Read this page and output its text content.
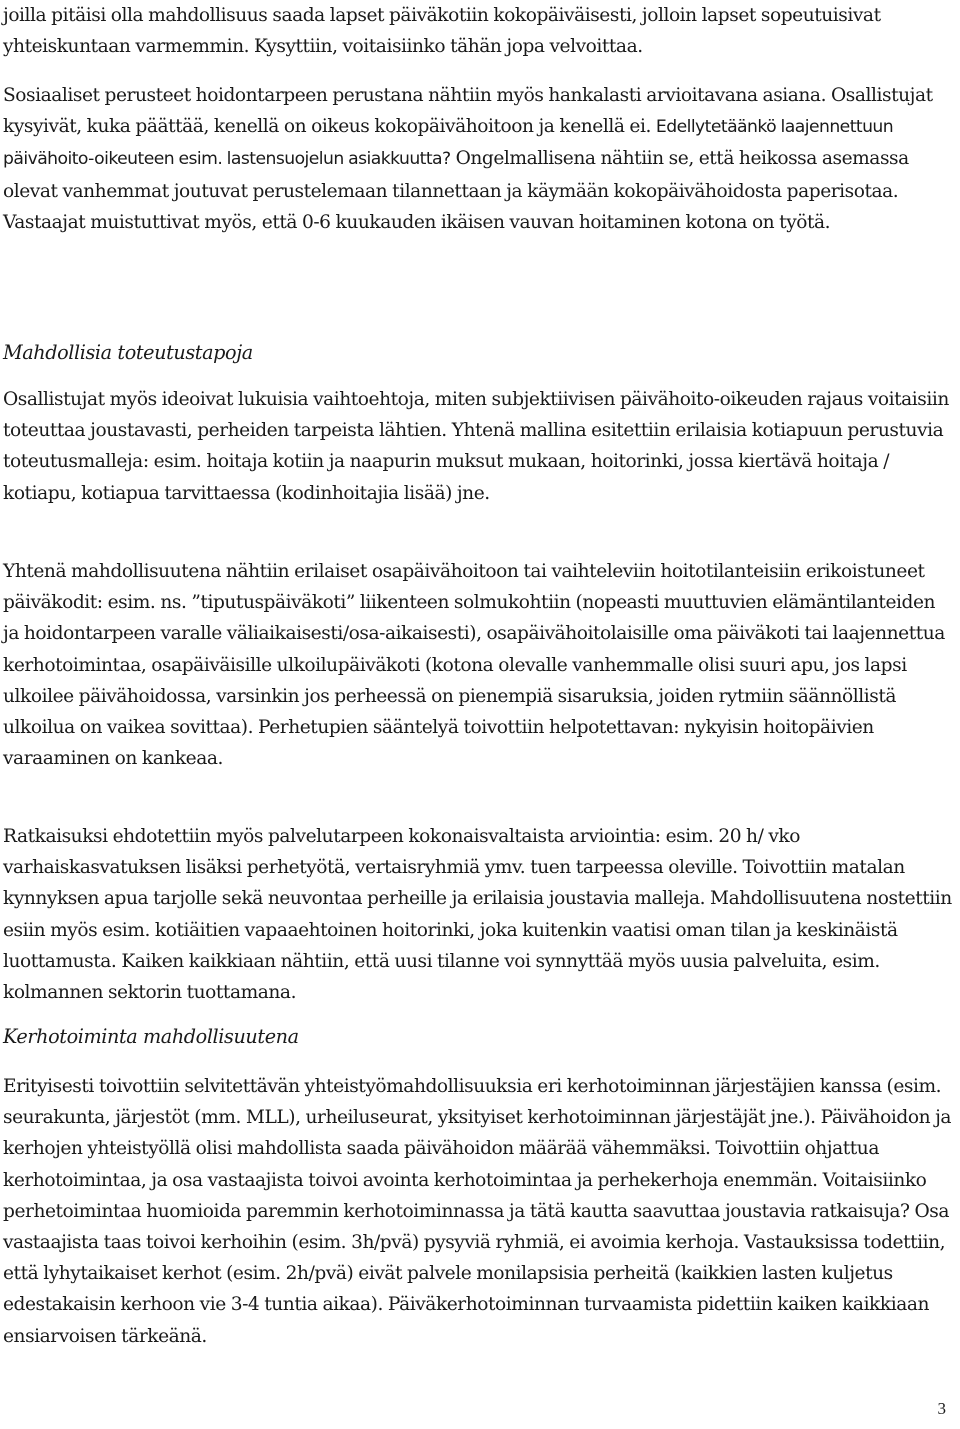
joilla pitäisi olla mahdollisuus saada lapset päiväkotiin kokopäiväisesti, jolloin lapset sopeutuisivat yhteiskuntaan varmemmin. Kysyttiin, voitaisiinko tähän jopa velvoittaa.

Sosiaaliset perusteet hoidontarpeen perustana nähtiin myös hankalasti arvioitavana asiana. Osallistujat kysyivät, kuka päättää, kenellä on oikeus kokopäivähoitoon ja kenellä ei. Edellytetäänkö laajennettuun päivähoito-oikeuteen esim. lastensuojelun asiakkuutta? Ongelmallisena nähtiin se, että heikossa asemassa olevat vanhemmat joutuvat perustelemaan tilannettaan ja käymään kokopäivähoidosta paperisotaa. Vastaajat muistuttivat myös, että 0-6 kuukauden ikäisen vauvan hoitaminen kotona on työtä.

Mahdollisia toteutustapoja

Osallistujat myös ideoivat lukuisia vaihtoehtoja, miten subjektiivisen päivähoito-oikeuden rajaus voitaisiin toteuttaa joustavasti, perheiden tarpeista lähtien. Yhtenä mallina esitettiin erilaisia kotiapuun perustuvia toteutusmalleja: esim. hoitaja kotiin ja naapurin muksut mukaan, hoitorinki, jossa kiertävä hoitaja / kotiapu, kotiapua tarvittaessa (kodinhoitajia lisää) jne.

Yhtenä mahdollisuutena nähtiin erilaiset osapäivähoitoon tai vaihteleviin hoitotilanteisiin erikoistuneet päiväkodit: esim. ns. ”tiputuspäiväkoti” liikenteen solmukohtiin (nopeasti muuttuvien elämäntilanteiden ja hoidontarpeen varalle väliaikaisesti/osa-aikaisesti), osapäivähoitolaisille oma päiväkoti tai laajennettua kerhotoimintaa, osapäiväisille ulkoilupäiväkoti (kotona olevalle vanhemmalle olisi suuri apu, jos lapsi ulkoilee päivähoidossa, varsinkin jos perheessä on pienempiä sisaruksia, joiden rytmiin säännöllistä ulkoilua on vaikea sovittaa). Perhetupien sääntelyä toivottiin helpotettavan: nykyisin hoitopäivien varaaminen on kankeaa.

Ratkaisuksi ehdotettiin myös palvelutarpeen kokonaisvaltaista arviointia: esim. 20 h/ vko varhaiskasvatuksen lisäksi perhetyötä, vertaisryhmiä ymv. tuen tarpeessa oleville. Toivottiin matalan kynnyksen apua tarjolle sekä neuvontaa perheille ja erilaisia joustavia malleja. Mahdollisuutena nostettiin esiin myös esim. kotiäitien vapaaehtoinen hoitorinki, joka kuitenkin vaatisi oman tilan ja keskinäistä luottamusta. Kaiken kaikkiaan nähtiin, että uusi tilanne voi synnyttää myös uusia palveluita, esim. kolmannen sektorin tuottamana.

Kerhotoiminta mahdollisuutena

Erityisesti toivottiin selvitettävän yhteistyömahdollisuuksia eri kerhotoiminnan järjestäjien kanssa (esim. seurakunta, järjestöt (mm. MLL), urheiluseurat, yksityiset kerhotoiminnan järjestäjät jne.). Päivähoidon ja kerhojen yhteistyöllä olisi mahdollista saada päivähoidon määrää vähemmäksi. Toivottiin ohjattua kerhotoimintaa, ja osa vastaajista toivoi avointa kerhotoimintaa ja perhekerhoja enemmän. Voitaisiinko perhetoimintaa huomioida paremmin kerhotoiminnassa ja tätä kautta saavuttaa joustavia ratkaisuja? Osa vastaajista taas toivoi kerhoihin (esim. 3h/pvä) pysyviä ryhmiä, ei avoimia kerhoja. Vastauksissa todettiin, että lyhytaikaiset kerhot (esim. 2h/pvä) eivät palvele monilapsisia perheitä (kaikkien lasten kuljetus edestakaisin kerhoon vie 3-4 tuntia aikaa). Päiväkerhotoiminnan turvaamista pidettiin kaiken kaikkiaan ensiarvoisen tärkeänä.

3
